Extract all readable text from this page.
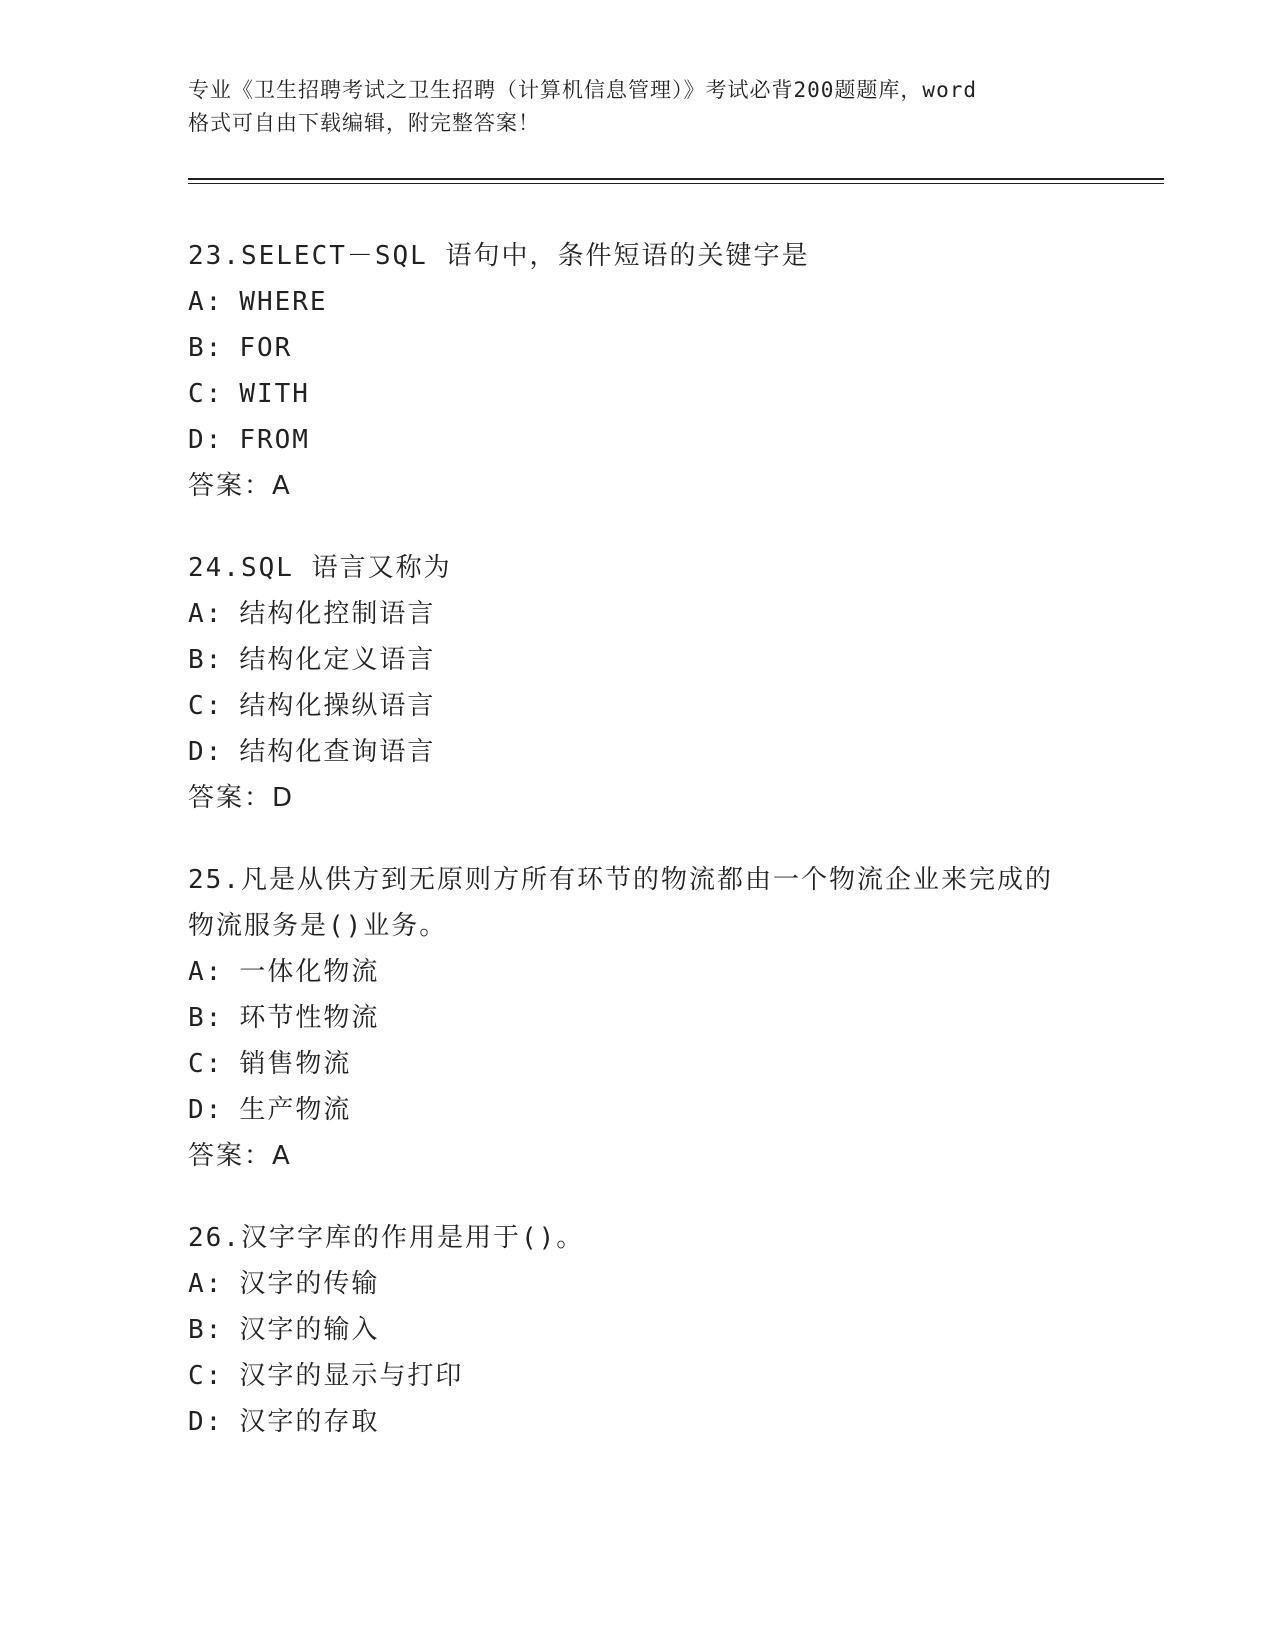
专业《卫生招聘考试之卫生招聘（计算机信息管理）》考试必背200题题库，word
格式可自由下载编辑，附完整答案！
23.SELECT－SQL 语句中，条件短语的关键字是
A: WHERE
B: FOR
C: WITH
D: FROM
答案：A
24.SQL 语言又称为
A: 结构化控制语言
B: 结构化定义语言
C: 结构化操纵语言
D: 结构化查询语言
答案：D
25.凡是从供方到无原则方所有环节的物流都由一个物流企业来完成的
物流服务是()业务。
A: 一体化物流
B: 环节性物流
C: 销售物流
D: 生产物流
答案：A
26.汉字字库的作用是用于()。
A: 汉字的传输
B: 汉字的输入
C: 汉字的显示与打印
D: 汉字的存取
